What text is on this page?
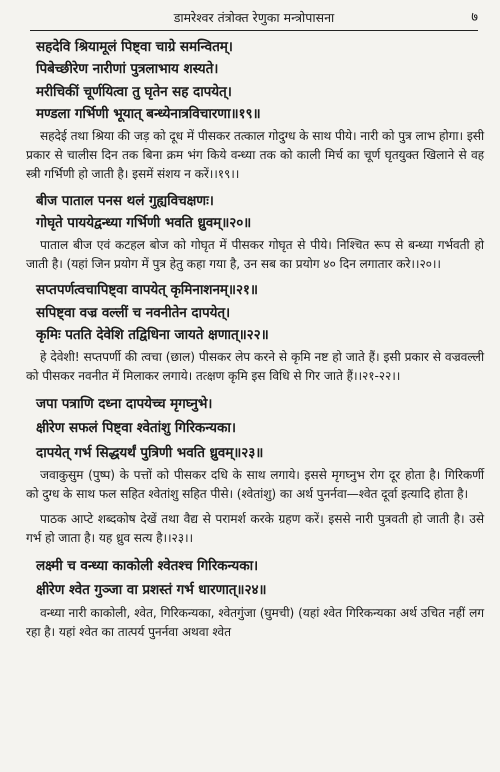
डामरेश्वर तंत्रोक्त रेणुका मन्त्रोपासना	७
सहदेवि श्रियामूलं पिष्ट्वा चाग्रे समन्वितम्।
पिबेच्छीरेण नारीणां पुत्रलाभाय शस्यते।
मरीचिकीं चूर्णयित्वा तु घृतेन सह दापयेत्।
मण्डला गर्भिणी भूयात् बन्ध्येनात्रविचारणा॥१९॥

सहदेई तथा श्रिया की जड़ को दूध में पीसकर तत्काल गोदुग्ध के साथ पीये। नारी को पुत्र लाभ होगा। इसी प्रकार से चालीस दिन तक बिना क्रम भंग किये वन्ध्या तक को काली मिर्च का चूर्ण घृतयुक्त खिलाने से वह स्त्री गर्भिणी हो जाती है। इसमें संशय न करें।।१९।।

बीज पाताल पनस थलं गुह्यविचक्षणः।
गोघृते पाययेद्वन्ध्या गर्भिणी भवति ध्रुवम्॥२०॥

पाताल बीज एवं कटहल बोज को गोघृत में पीसकर गोघृत से पीये। निश्चित रूप से बन्ध्या गर्भवती हो जाती है। (यहां जिन प्रयोग में पुत्र हेतु कहा गया है, उन सब का प्रयोग ४० दिन लगातार करे।।२०।।

सप्तपर्णत्वचापिष्ट्वा वापयेत् कृमिनाशनम्॥२१॥
सपिष्ट्वा वज्र वल्लीं च नवनीतेन दापयेत्।
कृमिः पतति देवेशि तद्विधिना जायते क्षणात्॥२२॥

हे देवेशी! सप्तपर्णी की त्वचा (छाल) पीसकर लेप करने से कृमि नष्ट हो जाते हैं। इसी प्रकार से वज्रवल्ली को पीसकर नवनीत में मिलाकर लगाये। तत्क्षण कृमि इस विधि से गिर जाते हैं।।२१-२२।।

जपा पत्राणि दध्ना दापयेच्च मृगघ्नुभे।
क्षीरेण सफलं पिष्ट्वा श्वेतांशु गिरिकन्यका।
दापयेत् गर्भ सिद्धयर्थं पुत्रिणी भवति ध्रुवम्॥२३॥

जवाकुसुम (पुष्प) के पत्तों को पीसकर दधि के साथ लगाये। इससे मृगघ्नुभ रोग दूर होता है। गिरिकर्णी को दुग्ध के साथ फल सहित श्वेतांशु सहित पीसे। (श्वेतांशु) का अर्थ पुनर्नवा—श्वेत दूर्वा इत्यादि होता है।

पाठक आप्टे शब्दकोष देखें तथा वैद्य से परामर्श करके ग्रहण करें। इससे नारी पुत्रवती हो जाती है। उसे गर्भ हो जाता है। यह ध्रुव सत्य है।।२३।।

लक्ष्मी च वन्ध्या काकोली श्वेतश्च गिरिकन्यका।
क्षीरेण श्वेत गुञ्जा वा प्रशस्तं गर्भ धारणात्॥२४॥

वन्ध्या नारी काकोली, श्वेत, गिरिकन्यका, श्वेतगुंजा (घुमची) (यहां श्वेत गिरिकन्यका अर्थ उचित नहीं लग रहा है। यहां श्वेत का तात्पर्य पुनर्नवा अथवा श्वेत
